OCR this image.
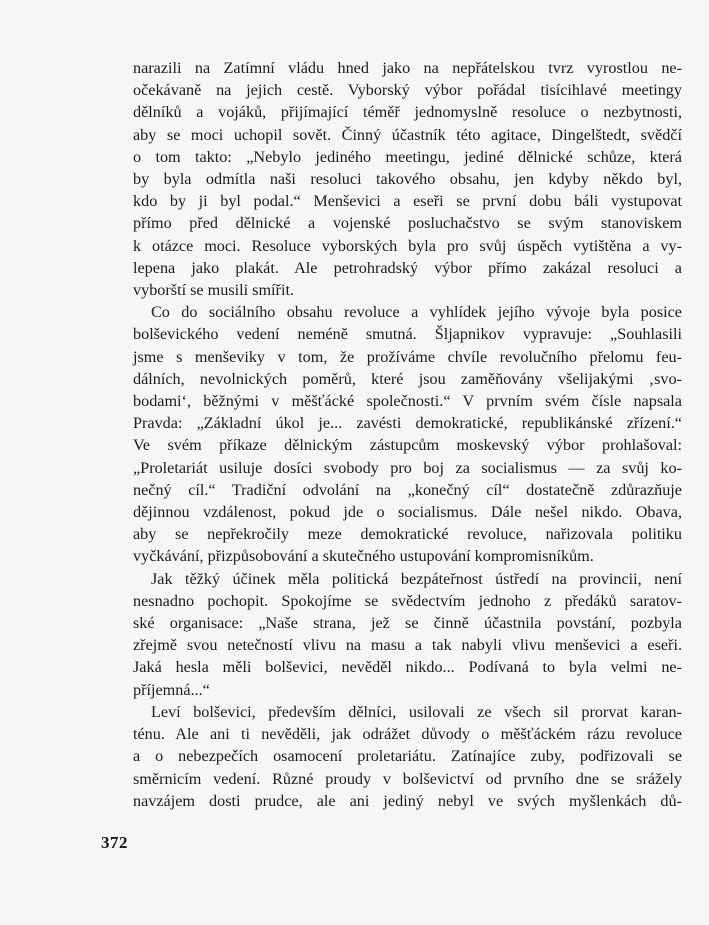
narazili na Zatímní vládu hned jako na nepřátelskou tvrz vyrostlou ne-
očekávaně na jejich cestě. Vyborský výbor pořádal tisícihlavé meetingy
dělníků a vojáků, přijímající téměř jednomyslně resoluce o nezbytnosti,
aby se moci uchopil sovět. Činný účastník této agitace, Dingelštedt, svědčí
o tom takto: „Nebylo jediného meetingu, jediné dělnické schůze, která
by byla odmítla naši resoluci takového obsahu, jen kdyby někdo byl,
kdo by ji byl podal.“ Menševici a eseři se první dobu báli vystupovat
přímo před dělnické a vojenské posluchačstvo se svým stanoviskem
k otázce moci. Resoluce vyborských byla pro svůj úspěch vytištěna a vy-
lepena jako plakát. Ale petrohradský výbor přímo zakázal resoluci a
vyborští se musili smířit.
Co do sociálního obsahu revoluce a vyhlídek jejího vývoje byla posice
bolševického vedení neméně smutná. Šljapnikov vypravuje: „Souhlasili
jsme s menševiky v tom, že prožíváme chvíle revolučního přelomu feu-
dálních, nevolnických poměrů, které jsou zaměňovány všelijakými ‚svo-
bodami‘, běžnými v měšťácké společnosti.“ V prvním svém čísle napsala
Pravda: „Základní úkol je... zavésti demokratické, republikánské zřízení.“
Ve svém příkaze dělnickým zástupcům moskevský výbor prohlašoval:
„Proletariát usiluje dosíci svobody pro boj za socialismus — za svůj ko-
nečný cíl.“ Tradiční odvolání na „konečný cíl“ dostatečně zdůrazňuje
dějinnou vzdálenost, pokud jde o socialismus. Dále nešel nikdo. Obava,
aby se nepřekročily meze demokratické revoluce, nařizovala politiku
vyčkávání, přizpůsobování a skutečného ustupování kompromisníkům.
Jak těžký účinek měla politická bezpáteřnost ústředí na provincii, není
nesnadno pochopit. Spokojíme se svědectvím jednoho z předáků saratov-
ské organisace: „Naše strana, jež se činně účastnila povstání, pozbyla
zřejmě svou netečností vlivu na masu a tak nabyli vlivu menševici a eseři.
Jaká hesla měli bolševici, nevěděl nikdo... Podívaná to byla velmi ne-
příjemná...“
Leví bolševici, především dělníci, usilovali ze všech sil prorvat karan-
ténu. Ale ani ti nevěděli, jak odrážet důvody o měšťáckém rázu revoluce
a o nebezpečích osamocení proletariátu. Zatínajíce zuby, podřizovali se
směrnicím vedení. Různé proudy v bolševictví od prvního dne se srážely
navzájem dosti prudce, ale ani jediný nebyl ve svých myšlenkách dů-
372
